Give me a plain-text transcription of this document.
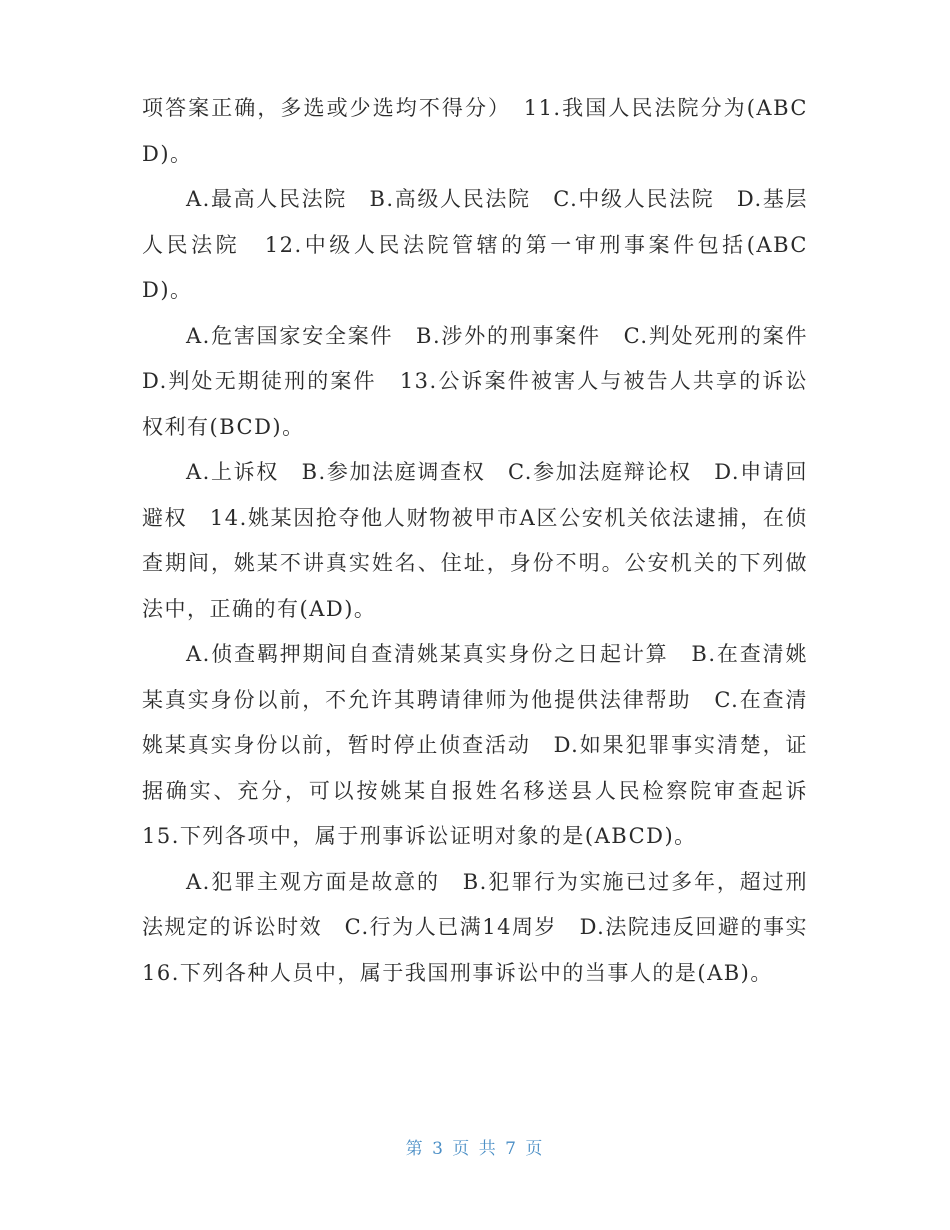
项答案正确，多选或少选均不得分）　11.我国人民法院分为(ABCD)。

A.最高人民法院　B.高级人民法院　C.中级人民法院　D.基层人民法院　12.中级人民法院管辖的第一审刑事案件包括(ABCD)。

A.危害国家安全案件　B.涉外的刑事案件　C.判处死刑的案件　D.判处无期徒刑的案件　13.公诉案件被害人与被告人共享的诉讼权利有(BCD)。

A.上诉权　B.参加法庭调查权　C.参加法庭辩论权　D.申请回避权　14.姚某因抢夺他人财物被甲市A区公安机关依法逮捕，在侦查期间，姚某不讲真实姓名、住址，身份不明。公安机关的下列做法中，正确的有(AD)。

A.侦查羁押期间自查清姚某真实身份之日起计算　B.在查清姚某真实身份以前，不允许其聘请律师为他提供法律帮助　C.在查清姚某真实身份以前，暂时停止侦查活动　D.如果犯罪事实清楚，证据确实、充分，可以按姚某自报姓名移送县人民检察院审查起诉　15.下列各项中，属于刑事诉讼证明对象的是(ABCD)。

A.犯罪主观方面是故意的　B.犯罪行为实施已过多年，超过刑法规定的诉讼时效　C.行为人已满14周岁　D.法院违反回避的事实　16.下列各种人员中，属于我国刑事诉讼中的当事人的是(AB)。

第 3 页 共 7 页
